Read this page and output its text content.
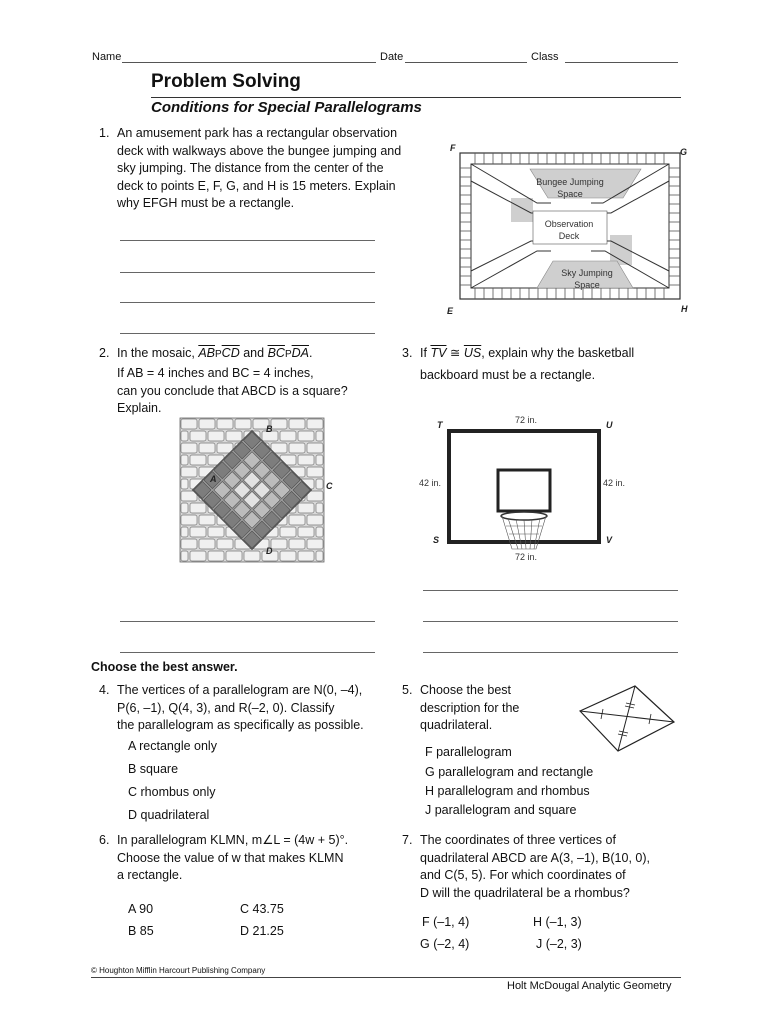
Name	Date	Class
Problem Solving
Conditions for Special Parallelograms
1. An amusement park has a rectangular observation
deck with walkways above the bungee jumping and
sky jumping. The distance from the center of the
deck to points E, F, G, and H is 15 meters. Explain
why EFGH must be a rectangle.
Bungee Jumping
Space
Observation
Deck
Sky Jumping
Space
F	G
E	H
2. In the mosaic, $\overline{AB}P\overline{CD}$ and $\overline{BC}P\overline{DA}$.
If AB = 4 inches and BC = 4 inches,
can you conclude that ABCD is a square?
Explain.
B
A
C
D
3. If $\overline{TV}$ ≅ $\overline{US}$, explain why the basketball
backboard must be a rectangle.
T	U
S	V
72 in.
72 in.
42 in.	42 in.
Choose the best answer.
4. The vertices of a parallelogram are N(0, –4),
P(6, –1), Q(4, 3), and R(–2, 0). Classify
the parallelogram as specifically as possible.
A rectangle only
B square
C rhombus only
D quadrilateral
5. Choose the best
description for the
quadrilateral.
F parallelogram
G parallelogram and rectangle
H parallelogram and rhombus
J parallelogram and square
6. In parallelogram KLMN, m∠L = (4w + 5)°.
Choose the value of w that makes KLMN
a rectangle.
A 90	C 43.75
B 85	D 21.25
7. The coordinates of three vertices of
quadrilateral ABCD are A(3, –1), B(10, 0),
and C(5, 5). For which coordinates of
D will the quadrilateral be a rhombus?
F (–1, 4)	H (–1, 3)
G (–2, 4)	J (–2, 3)
© Houghton Mifflin Harcourt Publishing Company
Holt McDougal Analytic Geometry
